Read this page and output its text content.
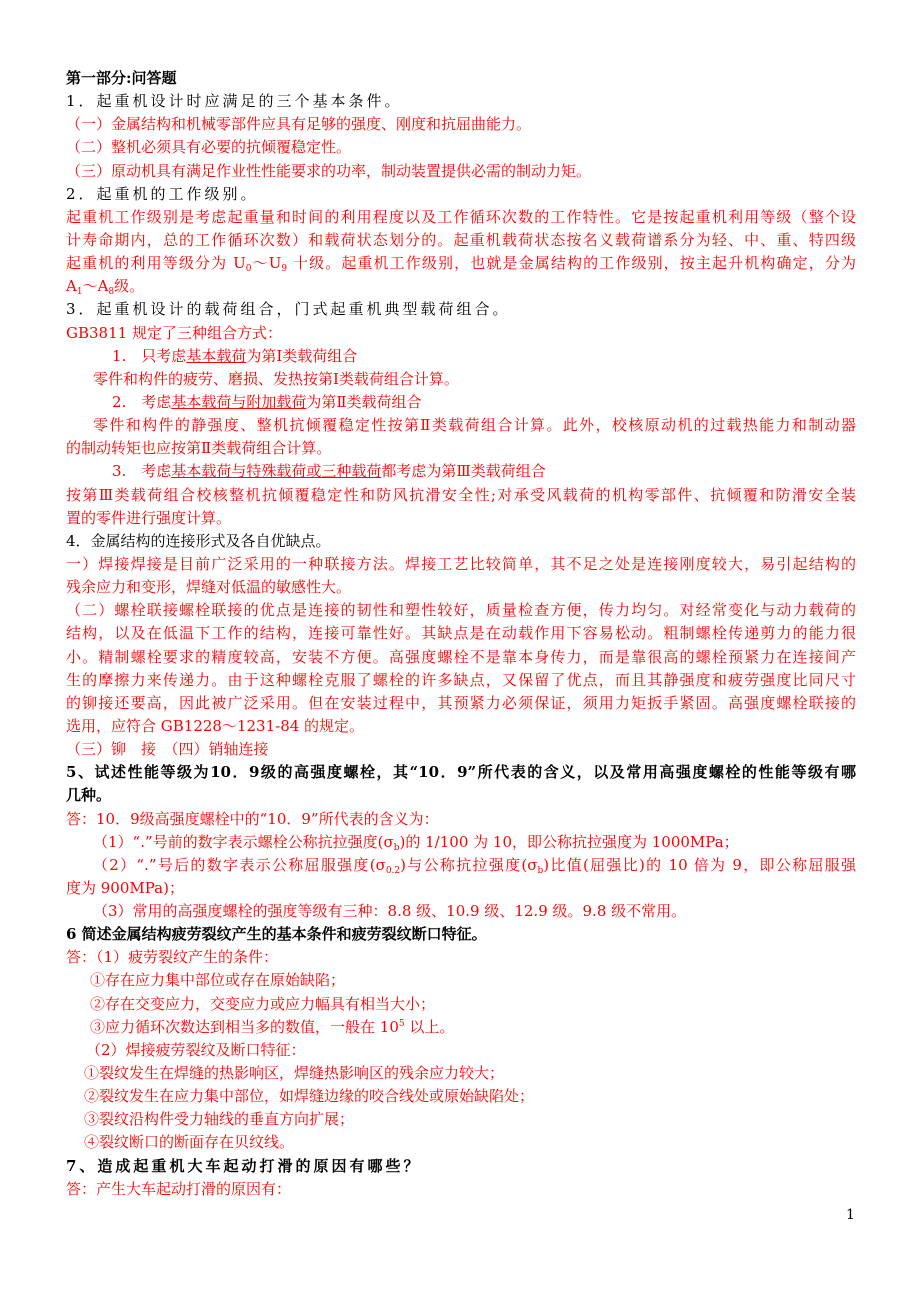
第一部分:问答题
1．起重机设计时应满足的三个基本条件。
（一）金属结构和机械零部件应具有足够的强度、刚度和抗屈曲能力。
（二）整机必须具有必要的抗倾覆稳定性。
（三）原动机具有满足作业性性能要求的功率，制动装置提供必需的制动力矩。
2．起重机的工作级别。
起重机工作级别是考虑起重量和时间的利用程度以及工作循环次数的工作特性。它是按起重机利用等级（整个设
计寿命期内，总的工作循环次数）和载荷状态划分的。起重机载荷状态按名义载荷谱系分为轻、中、重、特四级
起重机的利用等级分为 $U_0\sim U_9$ 十级。起重机工作级别，也就是金属结构的工作级别，按主起升机构确定，分为
$A_1\sim A_8$级。
3．起重机设计的载荷组合，门式起重机典型载荷组合。
GB3811 规定了三种组合方式：
1.　只考虑基本载荷为第Ⅰ类载荷组合
零件和构件的疲劳、磨损、发热按第Ⅰ类载荷组合计算。
2.　考虑基本载荷与附加载荷为第Ⅱ类载荷组合
零件和构件的静强度、整机抗倾覆稳定性按第Ⅱ类载荷组合计算。此外，校核原动机的过载热能力和制动器
的制动转矩也应按第Ⅱ类载荷组合计算。
3.　考虑基本载荷与特殊载荷或三种载荷都考虑为第Ⅲ类载荷组合
按第Ⅲ类载荷组合校核整机抗倾覆稳定性和防风抗滑安全性;对承受风载荷的机构零部件、抗倾覆和防滑安全装
置的零件进行强度计算。
4．金属结构的连接形式及各自优缺点。
一）焊接焊接是目前广泛采用的一种联接方法。焊接工艺比较简单，其不足之处是连接刚度较大，易引起结构的
残余应力和变形，焊缝对低温的敏感性大。
（二）螺栓联接螺栓联接的优点是连接的韧性和塑性较好，质量检查方便，传力均匀。对经常变化与动力载荷的
结构，以及在低温下工作的结构，连接可靠性好。其缺点是在动载作用下容易松动。粗制螺栓传递剪力的能力很
小。精制螺栓要求的精度较高，安装不方便。高强度螺栓不是靠本身传力，而是靠很高的螺栓预紧力在连接间产
生的摩擦力来传递力。由于这种螺栓克服了螺栓的许多缺点，又保留了优点，而且其静强度和疲劳强度比同尺寸
的铆接还要高，因此被广泛采用。但在安装过程中，其预紧力必须保证，须用力矩扳手紧固。高强度螺栓联接的
选用，应符合 GB1228～1231-84 的规定。
（三）铆　接　（四）销轴连接
5、试述性能等级为10．9级的高强度螺栓，其“10．9”所代表的含义，以及常用高强度螺栓的性能等级有哪
几种。
答：10．9级高强度螺栓中的“10．9”所代表的含义为：
（1）“.”号前的数字表示螺栓公称抗拉强度$(\sigma_b)$的 1/100 为 10，即公称抗拉强度为 1000MPa；
（2）“.”号后的数字表示公称屈服强度$(\sigma_{0.2})$与公称抗拉强度$(\sigma_b)$比值(屈强比)的 10 倍为 9，即公称屈服强
度为 900MPa)；
（3）常用的高强度螺栓的强度等级有三种：8.8 级、10.9 级、12.9 级。9.8 级不常用。
6 简述金属结构疲劳裂纹产生的基本条件和疲劳裂纹断口特征。
答：（1）疲劳裂纹产生的条件：
①存在应力集中部位或存在原始缺陷；
②存在交变应力，交变应力或应力幅具有相当大小；
③应力循环次数达到相当多的数值，一般在 $10^5$ 以上。
（2）焊接疲劳裂纹及断口特征：
①裂纹发生在焊缝的热影响区，焊缝热影响区的残余应力较大；
②裂纹发生在应力集中部位，如焊缝边缘的咬合线处或原始缺陷处；
③裂纹沿构件受力轴线的垂直方向扩展；
④裂纹断口的断面存在贝纹线。
7、造成起重机大车起动打滑的原因有哪些？
答：产生大车起动打滑的原因有：
1
